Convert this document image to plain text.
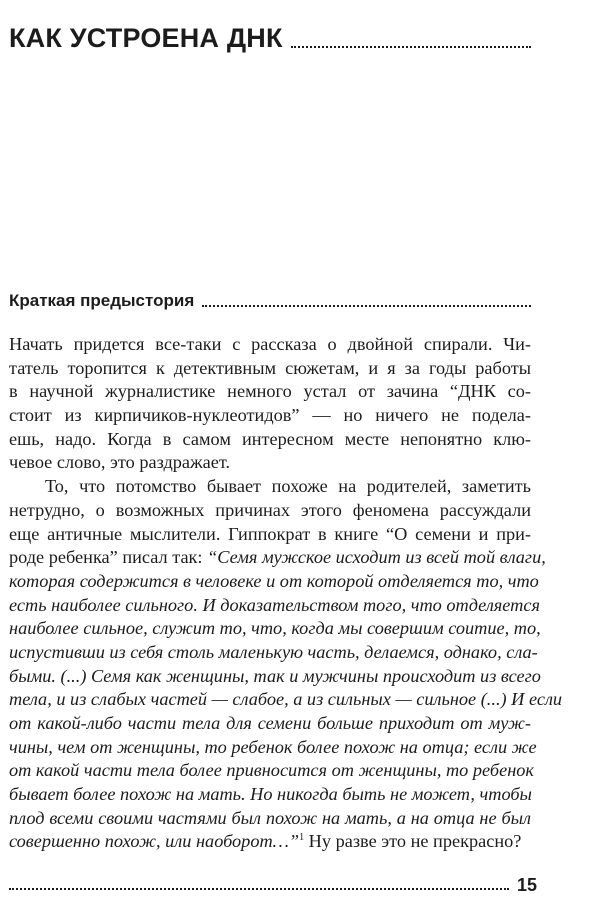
КАК УСТРОЕНА ДНК
Краткая предыстория
Начать придется все-таки с рассказа о двойной спирали. Чи-
татель торопится к детективным сюжетам, и я за годы работы
в научной журналистике немного устал от зачина “ДНК со-
стоит из кирпичиков-нуклеотидов” — но ничего не поделa-
ешь, надо. Когда в самом интересном месте непонятно клю-
чевое слово, это раздражает.
То, что потомство бывает похоже на родителей, заметить
нетрудно, о возможных причинах этого феномена рассуждали
еще античные мыслители. Гиппократ в книге “О семени и при-
роде ребенка” писал так: “Семя мужское исходит из всей той влаги,
которая содержится в человеке и от которой отделяется то, что
есть наиболее сильного. И доказательством того, что отделяется
наиболее сильное, служит то, что, когда мы совершим соитие, то,
испустивши из себя столь маленькую часть, делаемся, однако, сла-
быми. (...) Семя как женщины, так и мужчины происходит из всего
тела, и из слабых частей — слабое, а из сильных — сильное (...) И если
от какой-либо части тела для семени больше приходит от муж-
чины, чем от женщины, то ребенок более похож на отца; если же
от какой части тела более привносится от женщины, то ребенок
бывает более похож на мать. Но никогда быть не может, чтобы
плод всеми своими частями был похож на мать, а на отца не был
совершенно похож, или наоборот…”$^1$ Ну разве это не прекрасно?
15
